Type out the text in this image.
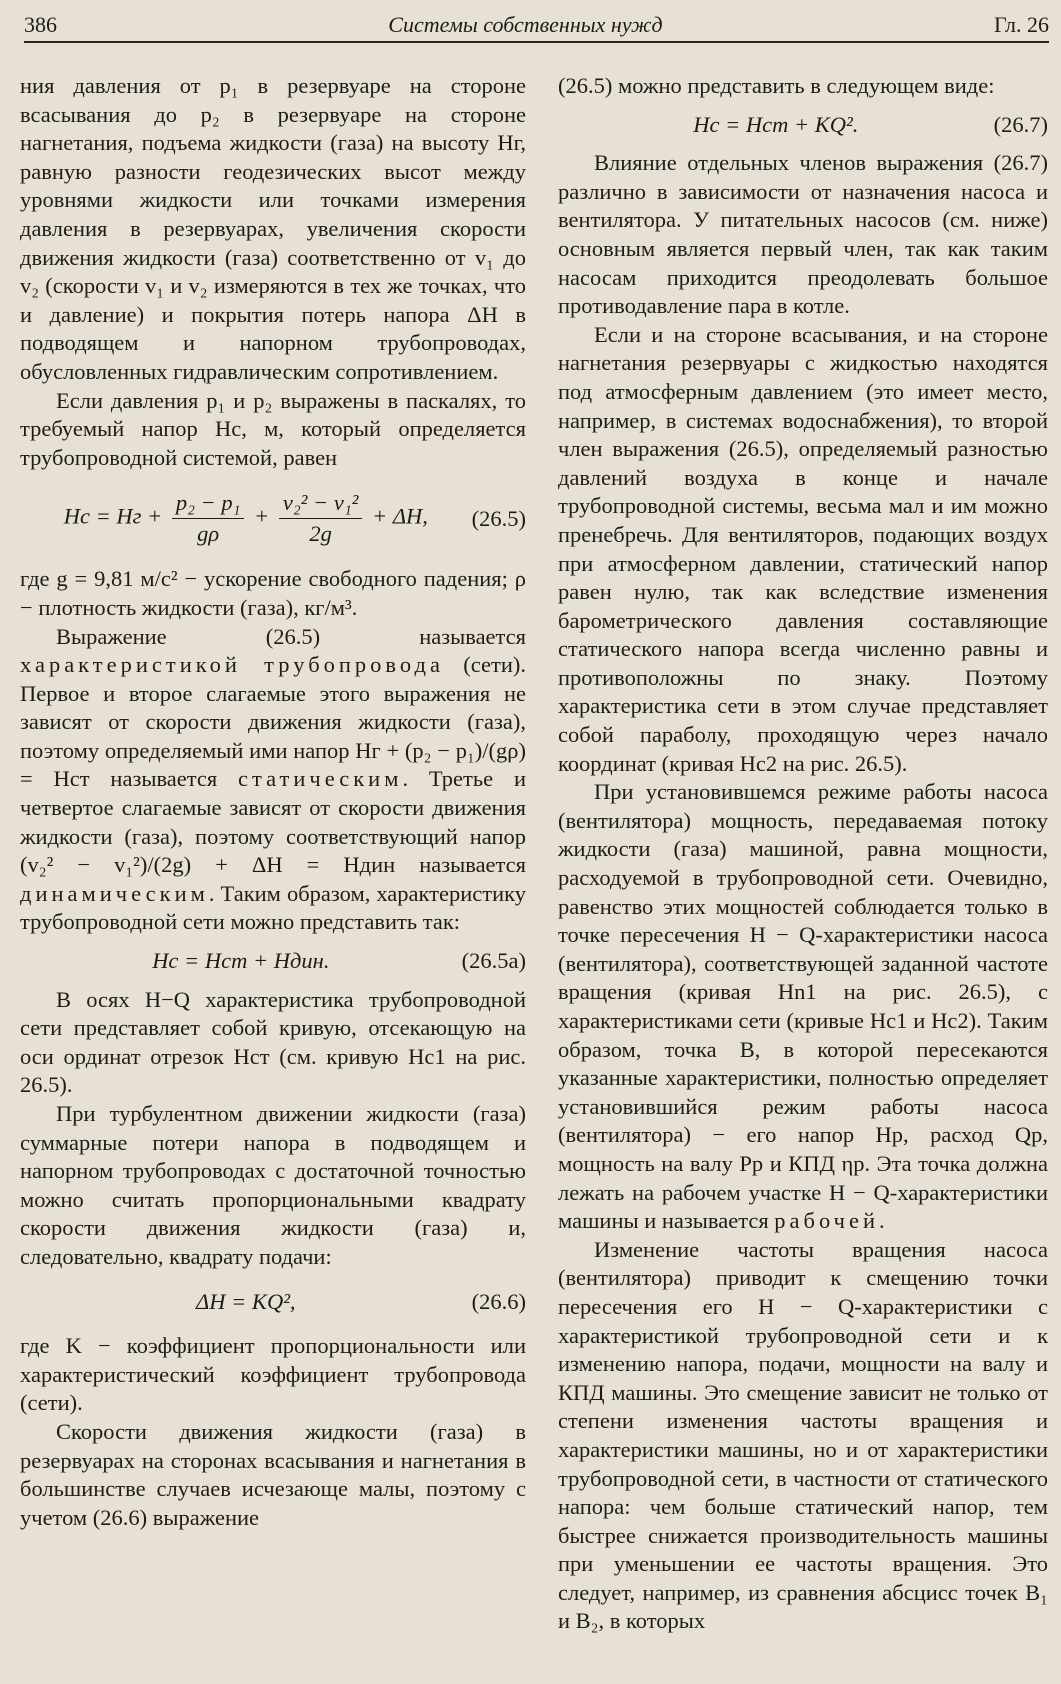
386	Системы собственных нужд	Гл. 26

ния давления от p₁ в резервуаре на стороне всасывания до p₂ в резервуаре на стороне нагнетания, подъема жидкости (газа) на высоту Hг, равную разности геодезических высот между уровнями жидкости или точками измерения давления в резервуарах, увеличения скорости движения жидкости (газа) соответственно от v₁ до v₂ (скорости v₁ и v₂ измеряются в тех же точках, что и давление) и покрытия потерь напора ΔH в подводящем и напорном трубопроводах, обусловленных гидравлическим сопротивлением.

Если давления p₁ и p₂ выражены в паскалях, то требуемый напор Hс, м, который определяется трубопроводной системой, равен

Hс = Hг + $\frac{\text{p₂ − p₁}}{g\rho} + \frac{\text{v₂² − v₁²}}{2g} + \Delta H$,	(26.5)

где g = 9,81 м/с² − ускорение свободного падения; ρ − плотность жидкости (газа), кг/м³.

Выражение (26.5) называется характеристикой трубопровода (сети). Первое и второе слагаемые этого выражения не зависят от скорости движения жидкости (газа), поэтому определяемый ими напор Hг + (p₂ − p₁)/(gρ) = Hст называется статическим. Третье и четвертое слагаемые зависят от скорости движения жидкости (газа), поэтому соответствующий напор (v₂² − v₁²)/(2g) + ΔH = Hдин называется динамическим. Таким образом, характеристику трубопроводной сети можно представить так:

Hс = Hст + Hдин.	(26.5а)

В осях H−Q характеристика трубопроводной сети представляет собой кривую, отсекающую на оси ординат отрезок Hст (см. кривую Hс1 на рис. 26.5).

При турбулентном движении жидкости (газа) суммарные потери напора в подводящем и напорном трубопроводах с достаточной точностью можно считать пропорциональными квадрату скорости движения жидкости (газа) и, следовательно, квадрату подачи:

ΔH = KQ²,	(26.6)

где K − коэффициент пропорциональности или характеристический коэффициент трубопровода (сети).

Скорости движения жидкости (газа) в резервуарах на сторонах всасывания и нагнетания в большинстве случаев исчезающе малы, поэтому с учетом (26.6) выражение

(26.5) можно представить в следующем виде:

Hс = Hст + KQ².	(26.7)

Влияние отдельных членов выражения (26.7) различно в зависимости от назначения насоса и вентилятора. У питательных насосов (см. ниже) основным является первый член, так как таким насосам приходится преодолевать большое противодавление пара в котле.

Если и на стороне всасывания, и на стороне нагнетания резервуары с жидкостью находятся под атмосферным давлением (это имеет место, например, в системах водоснабжения), то второй член выражения (26.5), определяемый разностью давлений воздуха в конце и начале трубопроводной системы, весьма мал и им можно пренебречь. Для вентиляторов, подающих воздух при атмосферном давлении, статический напор равен нулю, так как вследствие изменения барометрического давления составляющие статического напора всегда численно равны и противоположны по знаку. Поэтому характеристика сети в этом случае представляет собой параболу, проходящую через начало координат (кривая Hс2 на рис. 26.5).

При установившемся режиме работы насоса (вентилятора) мощность, передаваемая потоку жидкости (газа) машиной, равна мощности, расходуемой в трубопроводной сети. Очевидно, равенство этих мощностей соблюдается только в точке пересечения H − Q-характеристики насоса (вентилятора), соответствующей заданной частоте вращения (кривая Hn1 на рис. 26.5), с характеристиками сети (кривые Hс1 и Hс2). Таким образом, точка B, в которой пересекаются указанные характеристики, полностью определяет установившийся режим работы насоса (вентилятора) − его напор Hр, расход Qр, мощность на валу Pр и КПД ηр. Эта точка должна лежать на рабочем участке H − Q-характеристики машины и называется рабочей.

Изменение частоты вращения насоса (вентилятора) приводит к смещению точки пересечения его H − Q-характеристики с характеристикой трубопроводной сети и к изменению напора, подачи, мощности на валу и КПД машины. Это смещение зависит не только от степени изменения частоты вращения и характеристики машины, но и от характеристики трубопроводной сети, в частности от статического напора: чем больше статический напор, тем быстрее снижается производительность машины при уменьшении ее частоты вращения. Это следует, например, из сравнения абсцисс точек B₁ и B₂, в которых
